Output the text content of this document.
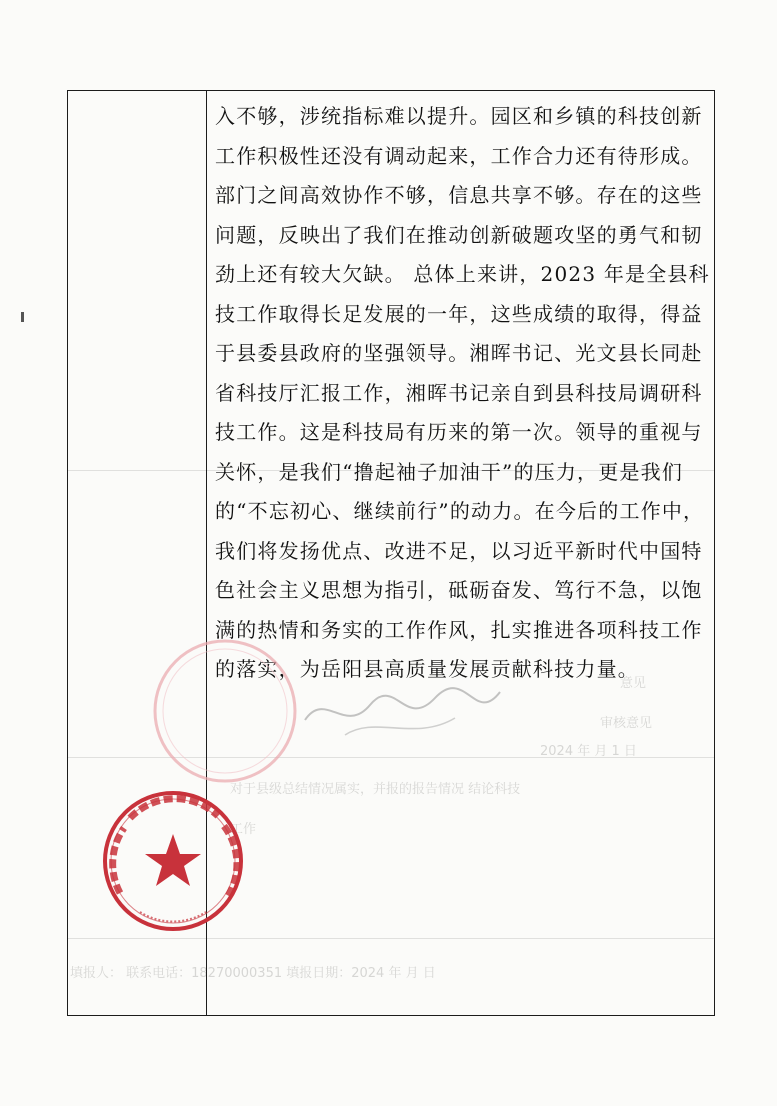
2024 年 月 1 日
对于县级总结情况属实，并报的报告情况 结论科技
工作
意见
审核意见
填报人： 联系电话：18270000351 填报日期：2024 年 月 日
入不够，涉统指标难以提升。园区和乡镇的科技创新
工作积极性还没有调动起来，工作合力还有待形成。
部门之间高效协作不够，信息共享不够。存在的这些
问题，反映出了我们在推动创新破题攻坚的勇气和韧
劲上还有较大欠缺。 总体上来讲，2023 年是全县科
技工作取得长足发展的一年，这些成绩的取得，得益
于县委县政府的坚强领导。湘晖书记、光文县长同赴
省科技厅汇报工作，湘晖书记亲自到县科技局调研科
技工作。这是科技局有历来的第一次。领导的重视与
关怀，是我们“撸起袖子加油干”的压力，更是我们
的“不忘初心、继续前行”的动力。在今后的工作中，
我们将发扬优点、改进不足，以习近平新时代中国特
色社会主义思想为指引，砥砺奋发、笃行不急，以饱
满的热情和务实的工作作风，扎实推进各项科技工作
的落实，为岳阳县高质量发展贡献科技力量。
